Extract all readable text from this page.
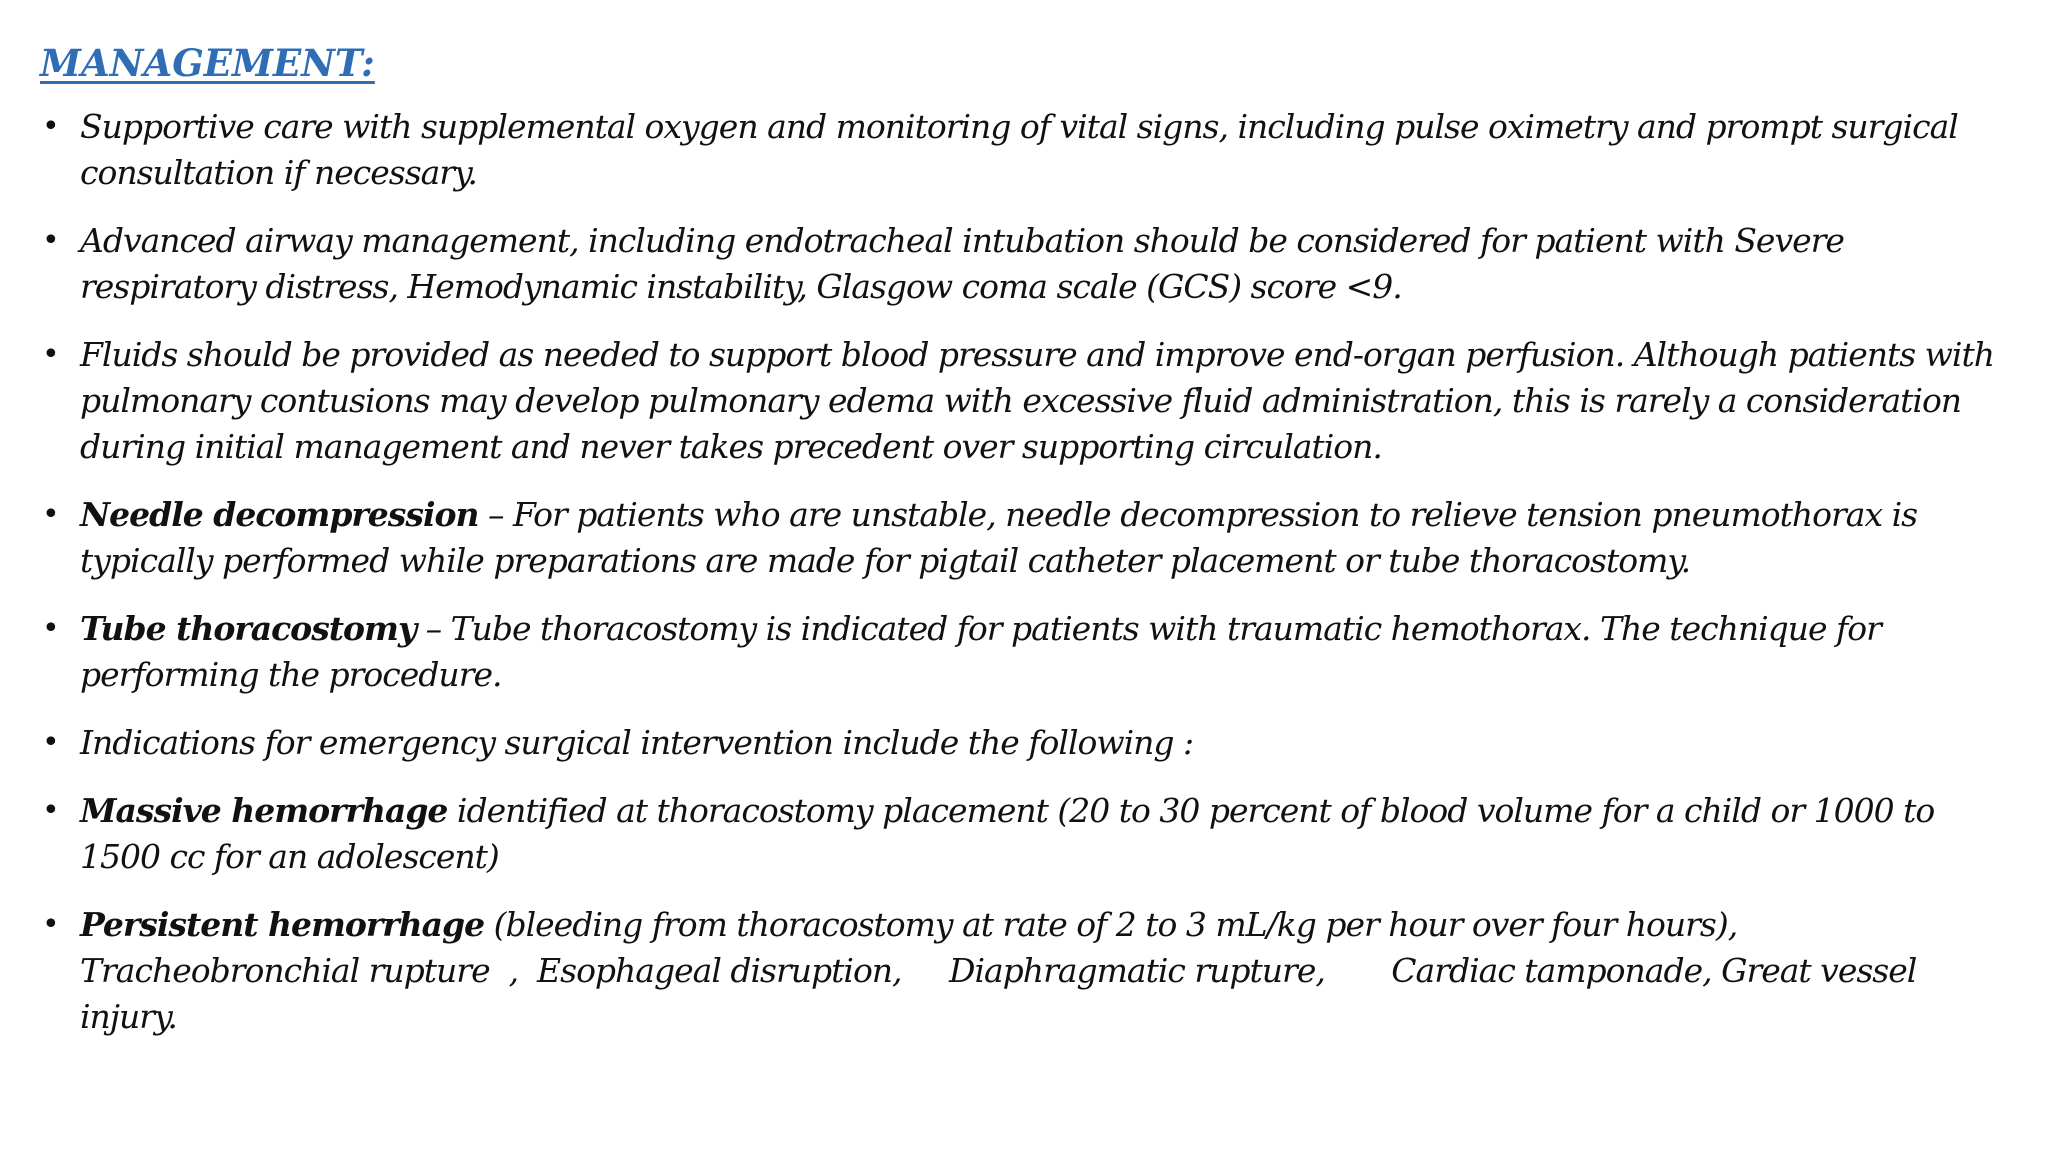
MANAGEMENT:
• Supportive care with supplemental oxygen and monitoring of vital signs, including pulse oximetry and prompt surgical consultation if necessary.
• Advanced airway management, including endotracheal intubation should be considered for patient with Severe respiratory distress, Hemodynamic instability, Glasgow coma scale (GCS) score <9.
• Fluids should be provided as needed to support blood pressure and improve end-organ perfusion. Although patients with pulmonary contusions may develop pulmonary edema with excessive fluid administration, this is rarely a consideration during initial management and never takes precedent over supporting circulation.
• Needle decompression – For patients who are unstable, needle decompression to relieve tension pneumothorax is typically performed while preparations are made for pigtail catheter placement or tube thoracostomy.
• Tube thoracostomy – Tube thoracostomy is indicated for patients with traumatic hemothorax. The technique for performing the procedure.
• Indications for emergency surgical intervention include the following :
• Massive hemorrhage identified at thoracostomy placement (20 to 30 percent of blood volume for a child or 1000 to 1500 cc for an adolescent)
• Persistent hemorrhage (bleeding from thoracostomy at rate of 2 to 3 mL/kg per hour over four hours), Tracheobronchial rupture  ,  Esophageal disruption,     Diaphragmatic rupture,       Cardiac tamponade, Great vessel injury.
